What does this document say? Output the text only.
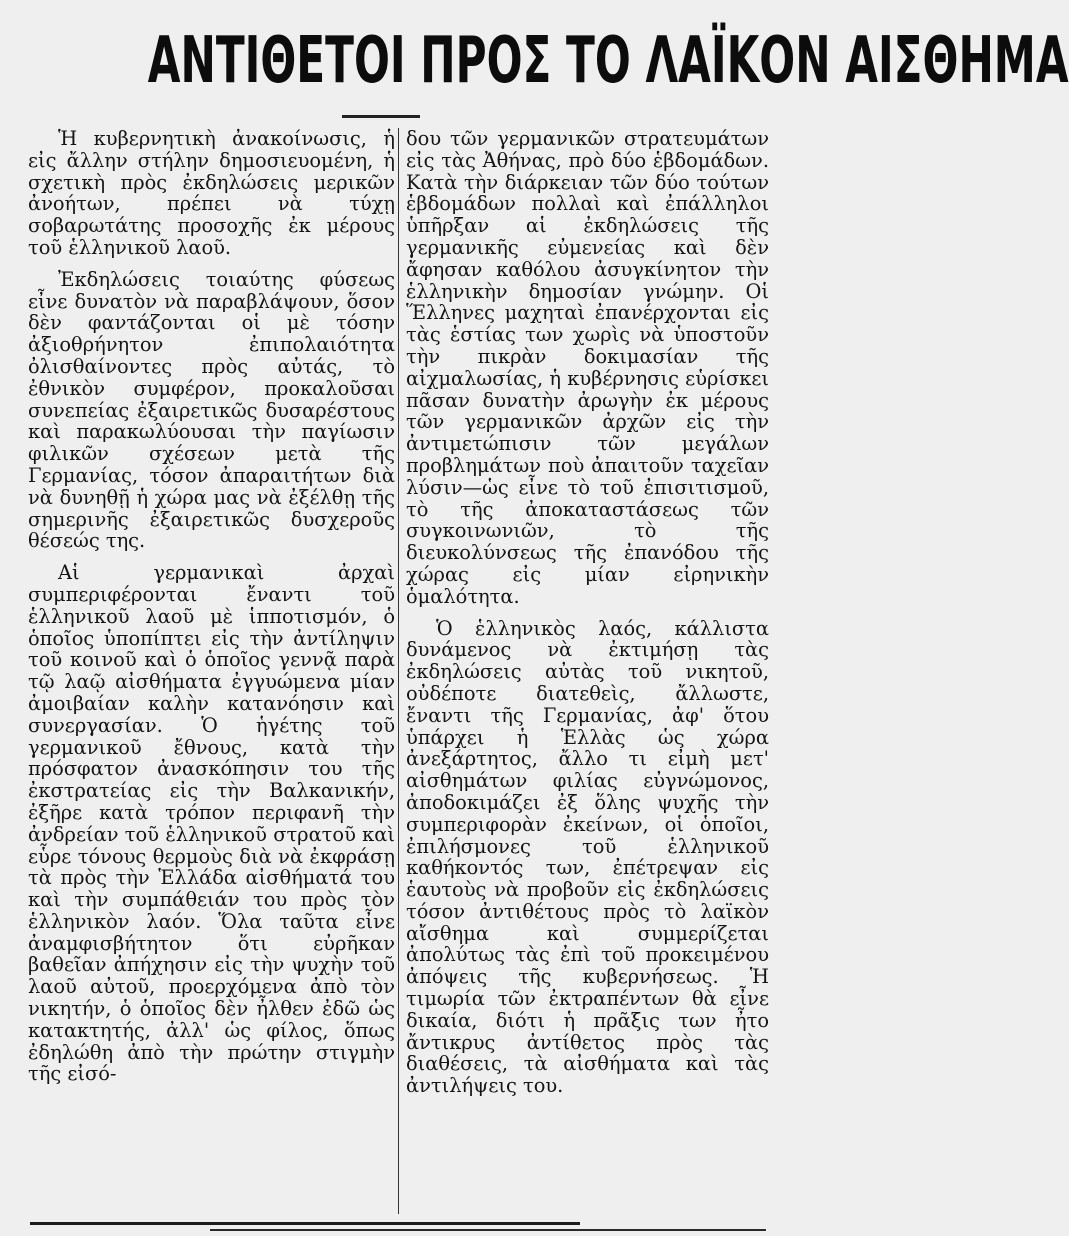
ΑΝΤΙΘΕΤΟΙ ΠΡΟΣ ΤΟ ΛΑΪΚΟΝ ΑΙΣΘΗΜΑ

Ἡ κυβερνητικὴ ἀνακοίνωσις, ἡ εἰς ἄλλην στήλην δημοσιευομένη, ἡ σχετικὴ πρὸς ἐκδηλώσεις μερικῶν ἀνοήτων, πρέπει νὰ τύχῃ σοβαρωτάτης προσοχῆς ἐκ μέρους τοῦ ἑλληνικοῦ λαοῦ.

Ἐκδηλώσεις τοιαύτης φύσεως εἶνε δυνατὸν νὰ παραβλάψουν, ὅσον δὲν φαντάζονται οἱ μὲ τόσην ἀξιοθρήνητον ἐπιπολαιότητα ὀλισθαίνοντες πρὸς αὐτάς, τὸ ἐθνικὸν συμφέρον, προκαλοῦσαι συνεπείας ἐξαιρετικῶς δυσαρέστους καὶ παρακωλύουσαι τὴν παγίωσιν φιλικῶν σχέσεων μετὰ τῆς Γερμανίας, τόσον ἀπαραιτήτων διὰ νὰ δυνηθῇ ἡ χώρα μας νὰ ἐξέλθῃ τῆς σημερινῆς ἐξαιρετικῶς δυσχεροῦς θέσεώς της.

Αἱ γερμανικαὶ ἀρχαὶ συμπεριφέρονται ἔναντι τοῦ ἑλληνικοῦ λαοῦ μὲ ἱπποτισμόν, ὁ ὁποῖος ὑποπίπτει εἰς τὴν ἀντίληψιν τοῦ κοινοῦ καὶ ὁ ὁποῖος γεννᾷ παρὰ τῷ λαῷ αἰσθήματα ἐγγυώμενα μίαν ἀμοιβαίαν καλὴν κατανόησιν καὶ συνεργασίαν. Ὁ ἡγέτης τοῦ γερμανικοῦ ἔθνους, κατὰ τὴν πρόσφατον ἀνασκόπησιν του τῆς ἐκστρατείας εἰς τὴν Βαλκανικήν, ἐξῆρε κατὰ τρόπον περιφανῆ τὴν ἀνδρείαν τοῦ ἑλληνικοῦ στρατοῦ καὶ εὗρε τόνους θερμοὺς διὰ νὰ ἐκφράσῃ τὰ πρὸς τὴν Ἑλλάδα αἰσθήματά του καὶ τὴν συμπάθειάν του πρὸς τὸν ἑλληνικὸν λαόν. Ὅλα ταῦτα εἶνε ἀναμφισβήτητον ὅτι εὐρῆκαν βαθεῖαν ἀπήχησιν εἰς τὴν ψυχὴν τοῦ λαοῦ αὐτοῦ, προερχόμενα ἀπὸ τὸν νικητήν, ὁ ὁποῖος δὲν ἦλθεν ἐδῶ ὡς κατακτητής, ἀλλ' ὡς φίλος, ὅπως ἐδηλώθη ἀπὸ τὴν πρώτην στιγμὴν τῆς εἰσό-

δου τῶν γερμανικῶν στρατευμάτων εἰς τὰς Ἀθήνας, πρὸ δύο ἑβδομάδων. Κατὰ τὴν διάρκειαν τῶν δύο τούτων ἑβδομάδων πολλαὶ καὶ ἐπάλληλοι ὑπῆρξαν αἱ ἐκδηλώσεις τῆς γερμανικῆς εὐμενείας καὶ δὲν ἄφησαν καθόλου ἀσυγκίνητον τὴν ἑλληνικὴν δημοσίαν γνώμην. Οἱ Ἕλληνες μαχηταὶ ἐπανέρχονται εἰς τὰς ἑστίας των χωρὶς νὰ ὑποστοῦν τὴν πικρὰν δοκιμασίαν τῆς αἰχμαλωσίας, ἡ κυβέρνησις εὑρίσκει πᾶσαν δυνατὴν ἀρωγὴν ἐκ μέρους τῶν γερμανικῶν ἀρχῶν εἰς τὴν ἀντιμετώπισιν τῶν μεγάλων προβλημάτων ποὺ ἀπαιτοῦν ταχεῖαν λύσιν—ὡς εἶνε τὸ τοῦ ἐπισιτισμοῦ, τὸ τῆς ἀποκαταστάσεως τῶν συγκοινωνιῶν, τὸ τῆς διευκολύνσεως τῆς ἐπανόδου τῆς χώρας εἰς μίαν εἰρηνικὴν ὁμαλότητα.

Ὁ ἑλληνικὸς λαός, κάλλιστα δυνάμενος νὰ ἐκτιμήσῃ τὰς ἐκδηλώσεις αὐτὰς τοῦ νικητοῦ, οὐδέποτε διατεθεὶς, ἄλλωστε, ἔναντι τῆς Γερμανίας, ἀφ' ὅτου ὑπάρχει ἡ Ἑλλὰς ὡς χώρα ἀνεξάρτητος, ἄλλο τι εἰμὴ μετ' αἰσθημάτων φιλίας εὐγνώμονος, ἀποδοκιμάζει ἐξ ὅλης ψυχῆς τὴν συμπεριφορὰν ἐκείνων, οἱ ὁποῖοι, ἐπιλήσμονες τοῦ ἑλληνικοῦ καθήκοντός των, ἐπέτρεψαν εἰς ἑαυτοὺς νὰ προβοῦν εἰς ἐκδηλώσεις τόσον ἀντιθέτους πρὸς τὸ λαϊκὸν αἴσθημα καὶ συμμερίζεται ἀπολύτως τὰς ἐπὶ τοῦ προκειμένου ἀπόψεις τῆς κυβερνήσεως. Ἡ τιμωρία τῶν ἐκτραπέντων θὰ εἶνε δικαία, διότι ἡ πρᾶξις των ἦτο ἄντικρυς ἀντίθετος πρὸς τὰς διαθέσεις, τὰ αἰσθήματα καὶ τὰς ἀντιλήψεις του.
